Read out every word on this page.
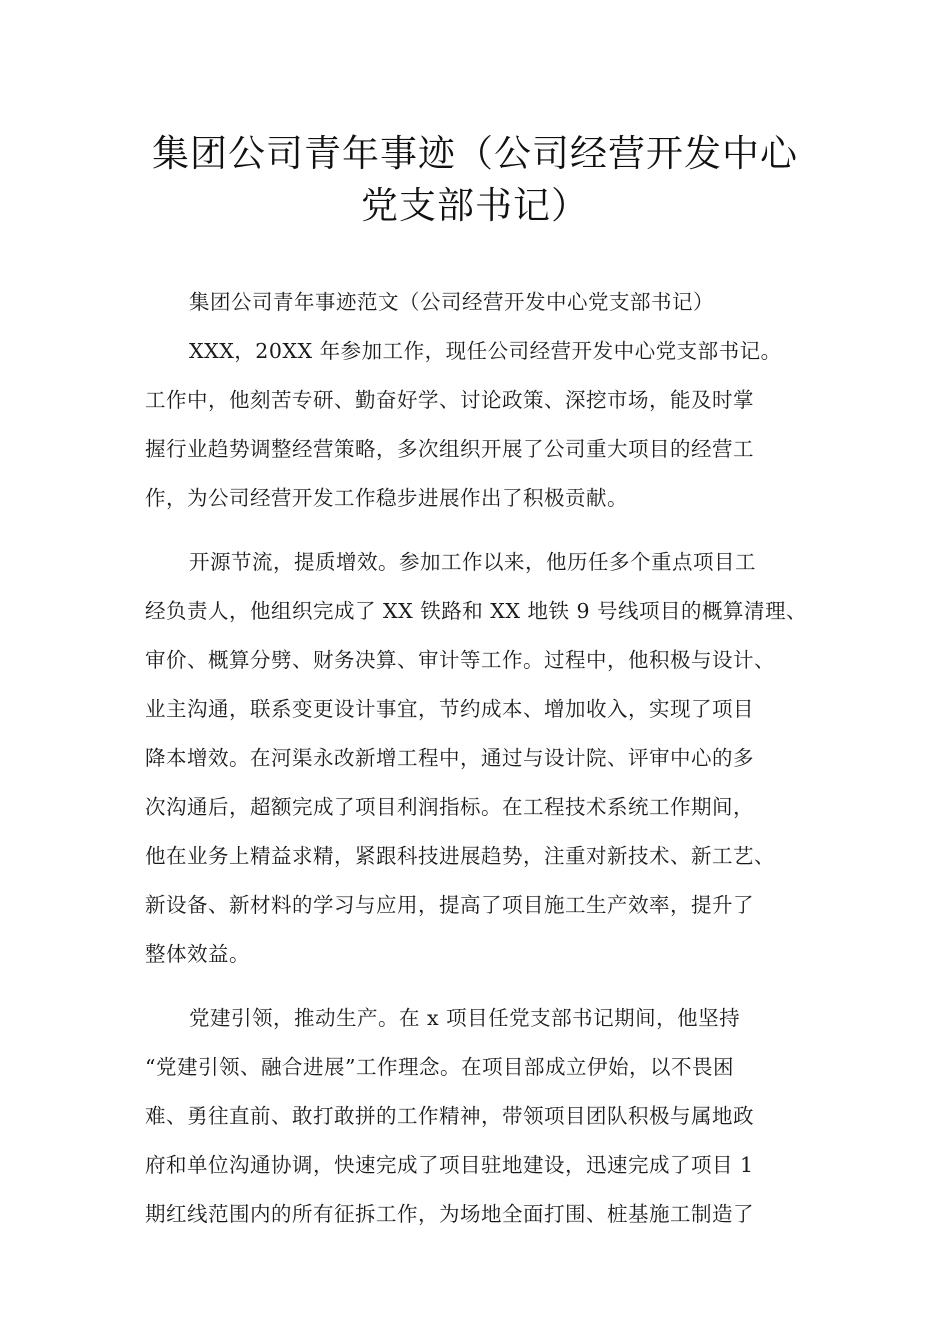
集团公司青年事迹（公司经营开发中心
党支部书记）
集团公司青年事迹范文（公司经营开发中心党支部书记）
XXX，20XX 年参加工作，现任公司经营开发中心党支部书记。
工作中，他刻苦专研、勤奋好学、讨论政策、深挖市场，能及时掌
握行业趋势调整经营策略，多次组织开展了公司重大项目的经营工
作，为公司经营开发工作稳步进展作出了积极贡献。
开源节流，提质增效。参加工作以来，他历任多个重点项目工
经负责人，他组织完成了 XX 铁路和 XX 地铁 9 号线项目的概算清理、
审价、概算分劈、财务决算、审计等工作。过程中，他积极与设计、
业主沟通，联系变更设计事宜，节约成本、增加收入，实现了项目
降本增效。在河渠永改新增工程中，通过与设计院、评审中心的多
次沟通后，超额完成了项目利润指标。在工程技术系统工作期间，
他在业务上精益求精，紧跟科技进展趋势，注重对新技术、新工艺、
新设备、新材料的学习与应用，提高了项目施工生产效率，提升了
整体效益。
党建引领，推动生产。在 x 项目任党支部书记期间，他坚持
“党建引领、融合进展”工作理念。在项目部成立伊始，以不畏困
难、勇往直前、敢打敢拼的工作精神，带领项目团队积极与属地政
府和单位沟通协调，快速完成了项目驻地建设，迅速完成了项目 1
期红线范围内的所有征拆工作，为场地全面打围、桩基施工制造了
